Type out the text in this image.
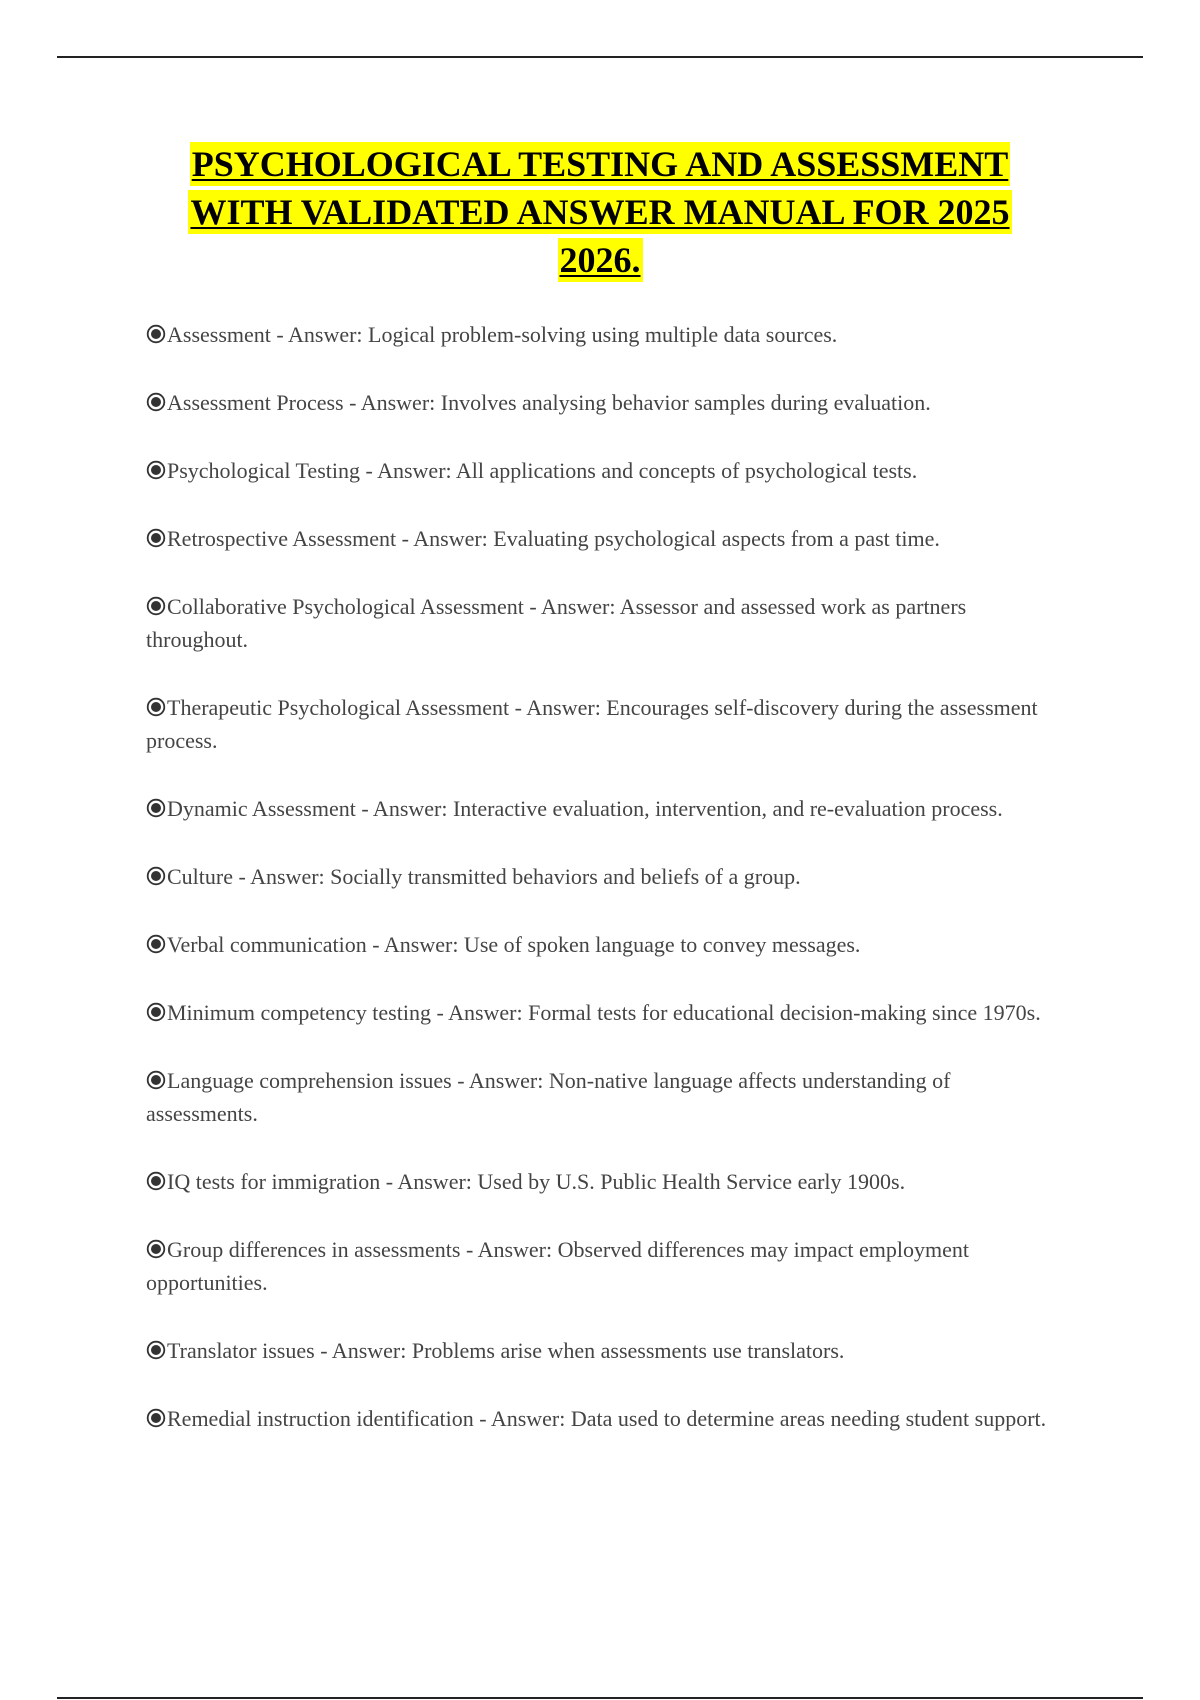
PSYCHOLOGICAL TESTING AND ASSESSMENT
WITH VALIDATED ANSWER MANUAL FOR 2025
2026.
Assessment - Answer: Logical problem-solving using multiple data sources.
Assessment Process - Answer: Involves analysing behavior samples during evaluation.
Psychological Testing - Answer: All applications and concepts of psychological tests.
Retrospective Assessment - Answer: Evaluating psychological aspects from a past time.
Collaborative Psychological Assessment - Answer: Assessor and assessed work as partners throughout.
Therapeutic Psychological Assessment - Answer: Encourages self-discovery during the assessment process.
Dynamic Assessment - Answer: Interactive evaluation, intervention, and re-evaluation process.
Culture - Answer: Socially transmitted behaviors and beliefs of a group.
Verbal communication - Answer: Use of spoken language to convey messages.
Minimum competency testing - Answer: Formal tests for educational decision-making since 1970s.
Language comprehension issues - Answer: Non-native language affects understanding of assessments.
IQ tests for immigration - Answer: Used by U.S. Public Health Service early 1900s.
Group differences in assessments - Answer: Observed differences may impact employment opportunities.
Translator issues - Answer: Problems arise when assessments use translators.
Remedial instruction identification - Answer: Data used to determine areas needing student support.
